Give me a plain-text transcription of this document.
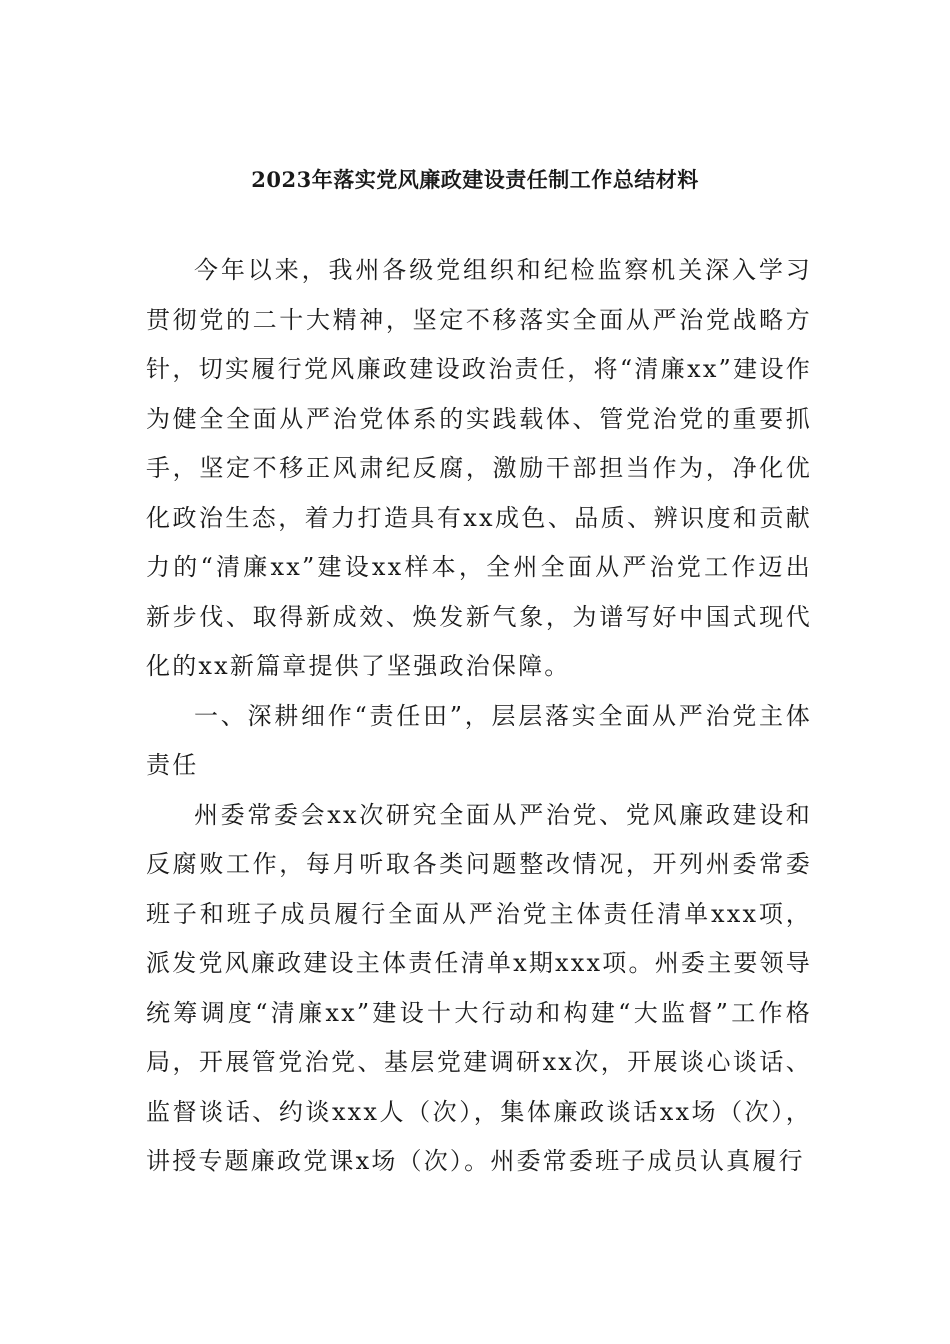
2023年落实党风廉政建设责任制工作总结材料

今年以来，我州各级党组织和纪检监察机关深入学习贯彻党的二十大精神，坚定不移落实全面从严治党战略方针，切实履行党风廉政建设政治责任，将“清廉xx”建设作为健全全面从严治党体系的实践载体、管党治党的重要抓手，坚定不移正风肃纪反腐，激励干部担当作为，净化优化政治生态，着力打造具有xx成色、品质、辨识度和贡献力的“清廉xx”建设xx样本，全州全面从严治党工作迈出新步伐、取得新成效、焕发新气象，为谱写好中国式现代化的xx新篇章提供了坚强政治保障。

一、深耕细作“责任田”，层层落实全面从严治党主体责任

州委常委会xx次研究全面从严治党、党风廉政建设和反腐败工作，每月听取各类问题整改情况，开列州委常委班子和班子成员履行全面从严治党主体责任清单xxx项，派发党风廉政建设主体责任清单x期xxx项。州委主要领导统筹调度“清廉xx”建设十大行动和构建“大监督”工作格局，开展管党治党、基层党建调研xx次，开展谈心谈话、监督谈话、约谈xxx人（次），集体廉政谈话xx场（次），讲授专题廉政党课x场（次）。州委常委班子成员认真履行
